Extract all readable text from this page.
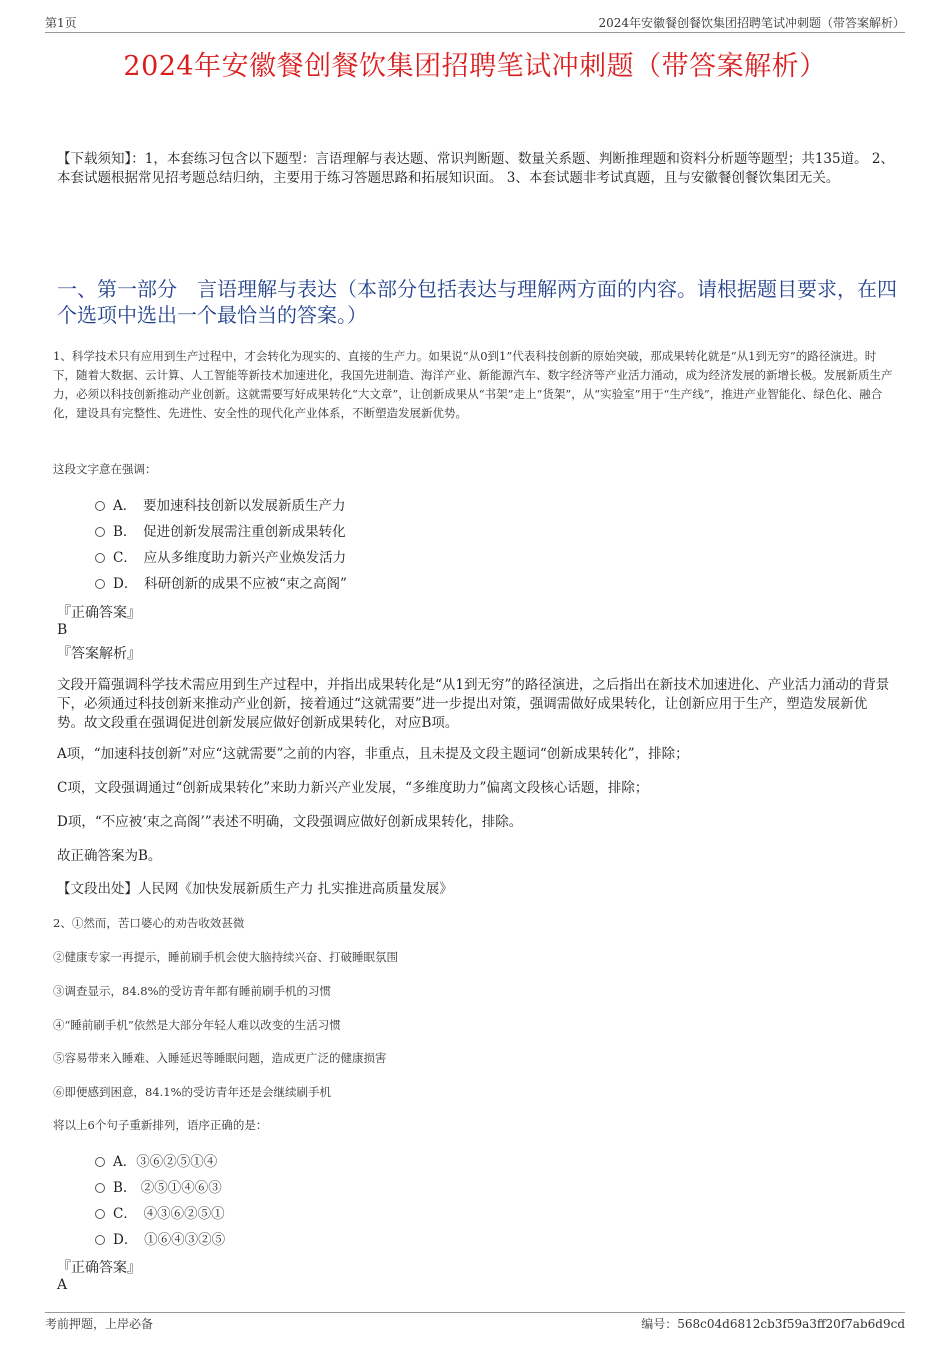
第1页	2024年安徽餐创餐饮集团招聘笔试冲刺题（带答案解析）
2024年安徽餐创餐饮集团招聘笔试冲刺题（带答案解析）
【下载须知】：1，本套练习包含以下题型：言语理解与表达题、常识判断题、数量关系题、判断推理题和资料分析题等题型；共135道。 2、本套试题根据常见招考题总结归纳，主要用于练习答题思路和拓展知识面。 3、本套试题非考试真题，且与安徽餐创餐饮集团无关。
一、第一部分　言语理解与表达（本部分包括表达与理解两方面的内容。请根据题目要求，在四个选项中选出一个最恰当的答案。）
1、科学技术只有应用到生产过程中，才会转化为现实的、直接的生产力。如果说“从0到1”代表科技创新的原始突破，那成果转化就是“从1到无穷”的路径演进。时下，随着大数据、云计算、人工智能等新技术加速进化，我国先进制造、海洋产业、新能源汽车、数字经济等产业活力涌动，成为经济发展的新增长极。发展新质生产力，必须以科技创新推动产业创新。这就需要写好成果转化“大文章”，让创新成果从“书架”走上“货架”，从“实验室”用于“生产线”，推进产业智能化、绿色化、融合化，建设具有完整性、先进性、安全性的现代化产业体系，不断塑造发展新优势。
这段文字意在强调：
A．　要加速科技创新以发展新质生产力
B．　促进创新发展需注重创新成果转化
C．　应从多维度助力新兴产业焕发活力
D．　科研创新的成果不应被“束之高阁”
『正确答案』
B
『答案解析』
文段开篇强调科学技术需应用到生产过程中，并指出成果转化是“从1到无穷”的路径演进，之后指出在新技术加速进化、产业活力涌动的背景下，必须通过科技创新来推动产业创新，接着通过“这就需要”进一步提出对策，强调需做好成果转化，让创新应用于生产，塑造发展新优势。故文段重在强调促进创新发展应做好创新成果转化，对应B项。
A项，“加速科技创新”对应“这就需要”之前的内容，非重点，且未提及文段主题词“创新成果转化”，排除；
C项，文段强调通过“创新成果转化”来助力新兴产业发展，“多维度助力”偏离文段核心话题，排除；
D项，“不应被‘束之高阁’”表述不明确，文段强调应做好创新成果转化，排除。
故正确答案为B。
【文段出处】人民网《加快发展新质生产力 扎实推进高质量发展》
2、①然而，苦口婆心的劝告收效甚微
②健康专家一再提示，睡前刷手机会使大脑持续兴奋、打破睡眠氛围
③调查显示，84.8%的受访青年都有睡前刷手机的习惯
④“睡前刷手机”依然是大部分年轻人难以改变的生活习惯
⑤容易带来入睡难、入睡延迟等睡眠问题，造成更广泛的健康损害
⑥即便感到困意，84.1%的受访青年还是会继续刷手机
将以上6个句子重新排列，语序正确的是：
A．③⑥②⑤①④
B.　②⑤①④⑥③
C．　④③⑥②⑤①
D．　①⑥④③②⑤
『正确答案』
A
考前押题，上岸必备	编号：568c04d6812cb3f59a3ff20f7ab6d9cd
